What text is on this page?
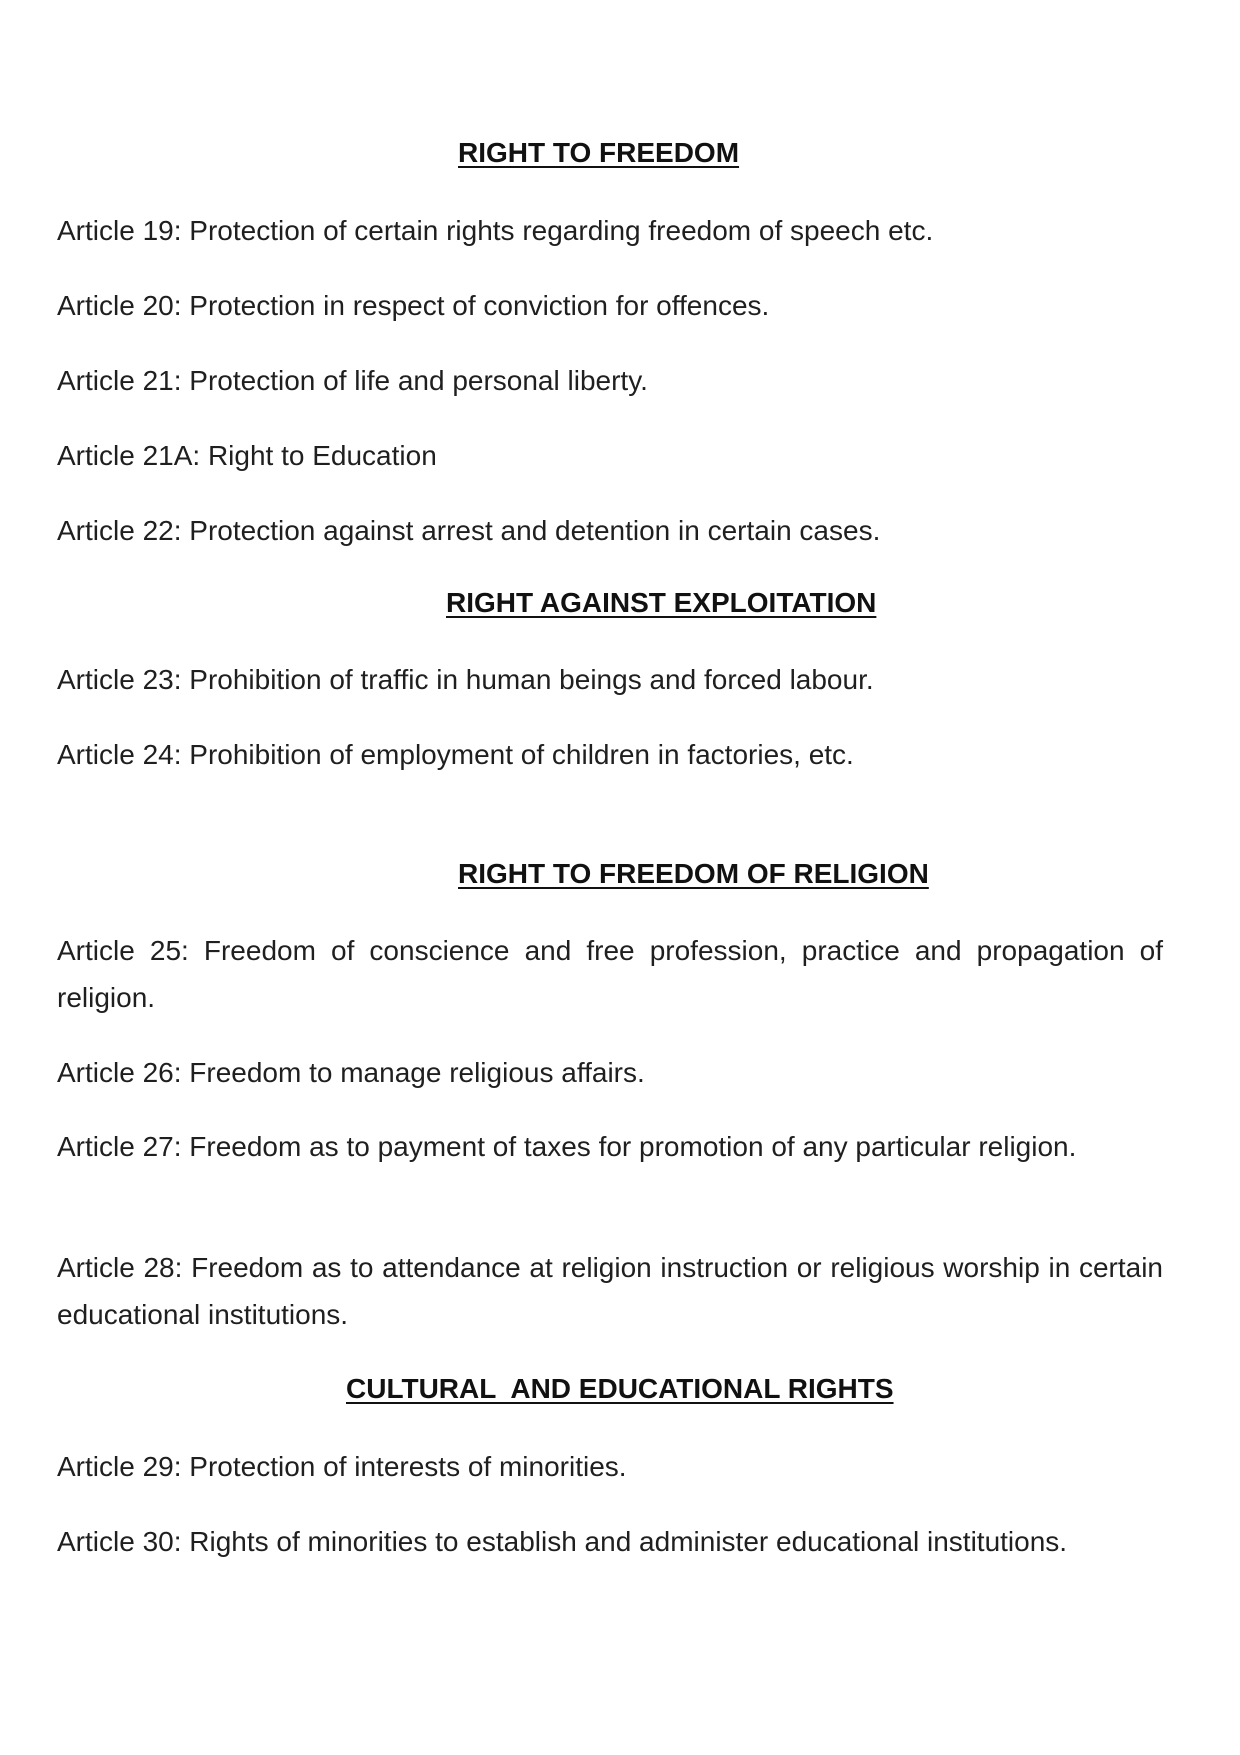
RIGHT TO FREEDOM
Article 19: Protection of certain rights regarding freedom of speech etc.
Article 20: Protection in respect of conviction for offences.
Article 21: Protection of life and personal liberty.
Article 21A: Right to Education
Article 22: Protection against arrest and detention in certain cases.
RIGHT AGAINST EXPLOITATION
Article 23: Prohibition of traffic in human beings and forced labour.
Article 24: Prohibition of employment of children in factories, etc.
RIGHT TO FREEDOM OF RELIGION
Article 25: Freedom of conscience and free profession, practice and propagation of religion.
Article 26: Freedom to manage religious affairs.
Article 27: Freedom as to payment of taxes for promotion of any particular religion.
Article 28: Freedom as to attendance at religion instruction or religious worship in certain educational institutions.
CULTURAL  AND EDUCATIONAL RIGHTS
Article 29: Protection of interests of minorities.
Article 30: Rights of minorities to establish and administer educational institutions.
